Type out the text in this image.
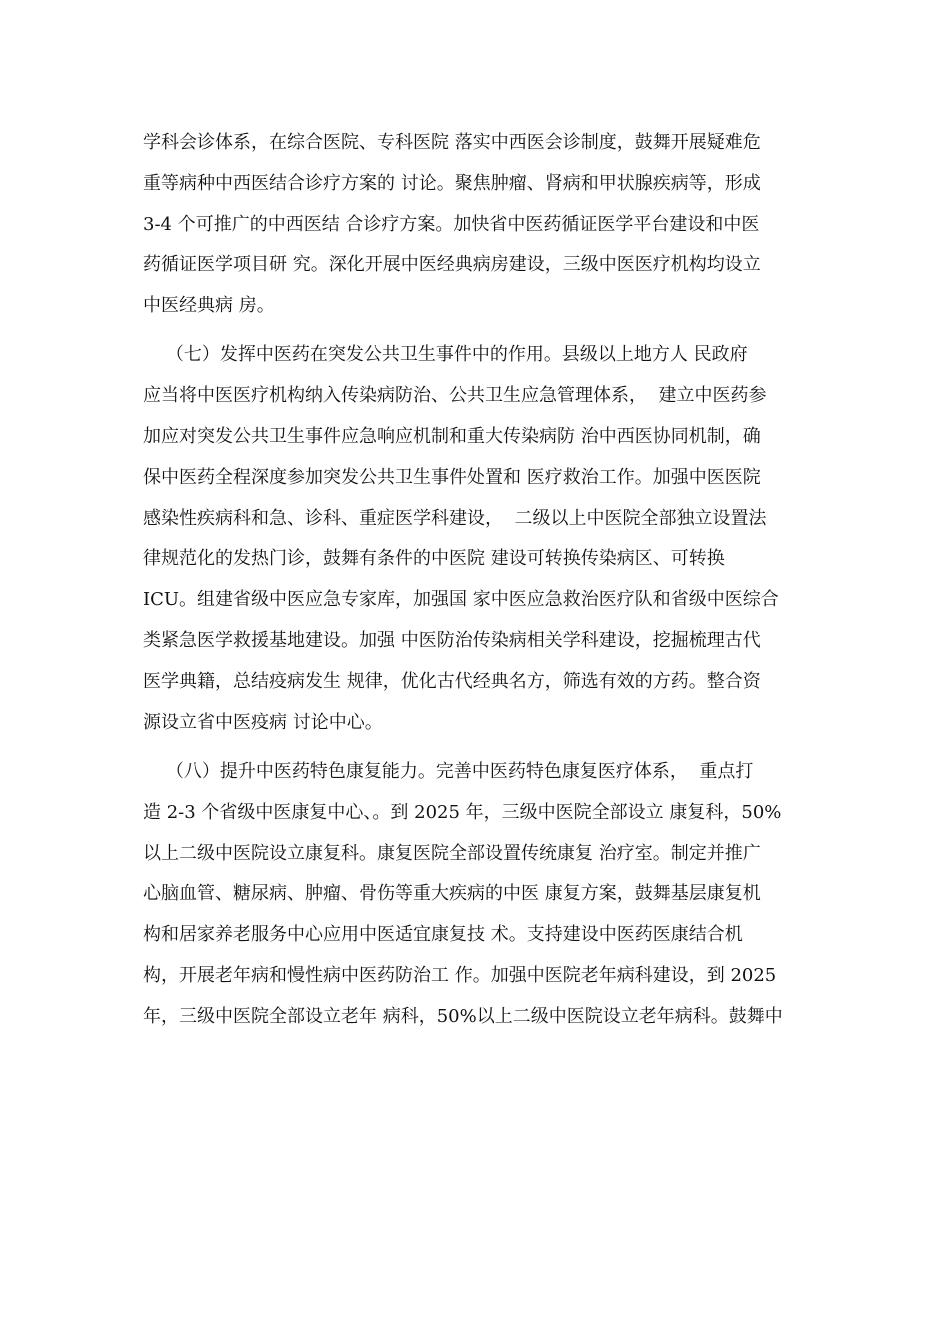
学科会诊体系，在综合医院、专科医院 落实中西医会诊制度，鼓舞开展疑难危
重等病种中西医结合诊疗方案的 讨论。聚焦肿瘤、肾病和甲状腺疾病等，形成
3-4 个可推广的中西医结 合诊疗方案。加快省中医药循证医学平台建设和中医
药循证医学项目研 究。深化开展中医经典病房建设，三级中医医疗机构均设立
中医经典病 房。
（七）发挥中医药在突发公共卫生事件中的作用。县级以上地方人 民政府
应当将中医医疗机构纳入传染病防治、公共卫生应急管理体系，  建立中医药参
加应对突发公共卫生事件应急响应机制和重大传染病防 治中西医协同机制，确
保中医药全程深度参加突发公共卫生事件处置和 医疗救治工作。加强中医医院
感染性疾病科和急、诊科、重症医学科建设，  二级以上中医院全部独立设置法
律规范化的发热门诊，鼓舞有条件的中医院 建设可转换传染病区、可转换
ICU。组建省级中医应急专家库，加强国 家中医应急救治医疗队和省级中医综合
类紧急医学救援基地建设。加强 中医防治传染病相关学科建设，挖掘梳理古代
医学典籍，总结疫病发生 规律，优化古代经典名方，筛选有效的方药。整合资
源设立省中医疫病 讨论中心。
（八）提升中医药特色康复能力。完善中医药特色康复医疗体系，  重点打
造 2-3 个省级中医康复中心、。到 2025 年，三级中医院全部设立 康复科，50%
以上二级中医院设立康复科。康复医院全部设置传统康复 治疗室。制定并推广
心脑血管、糖尿病、肿瘤、骨伤等重大疾病的中医 康复方案，鼓舞基层康复机
构和居家养老服务中心应用中医适宜康复技 术。支持建设中医药医康结合机
构，开展老年病和慢性病中医药防治工 作。加强中医院老年病科建设，到 2025
年，三级中医院全部设立老年 病科，50%以上二级中医院设立老年病科。鼓舞中
